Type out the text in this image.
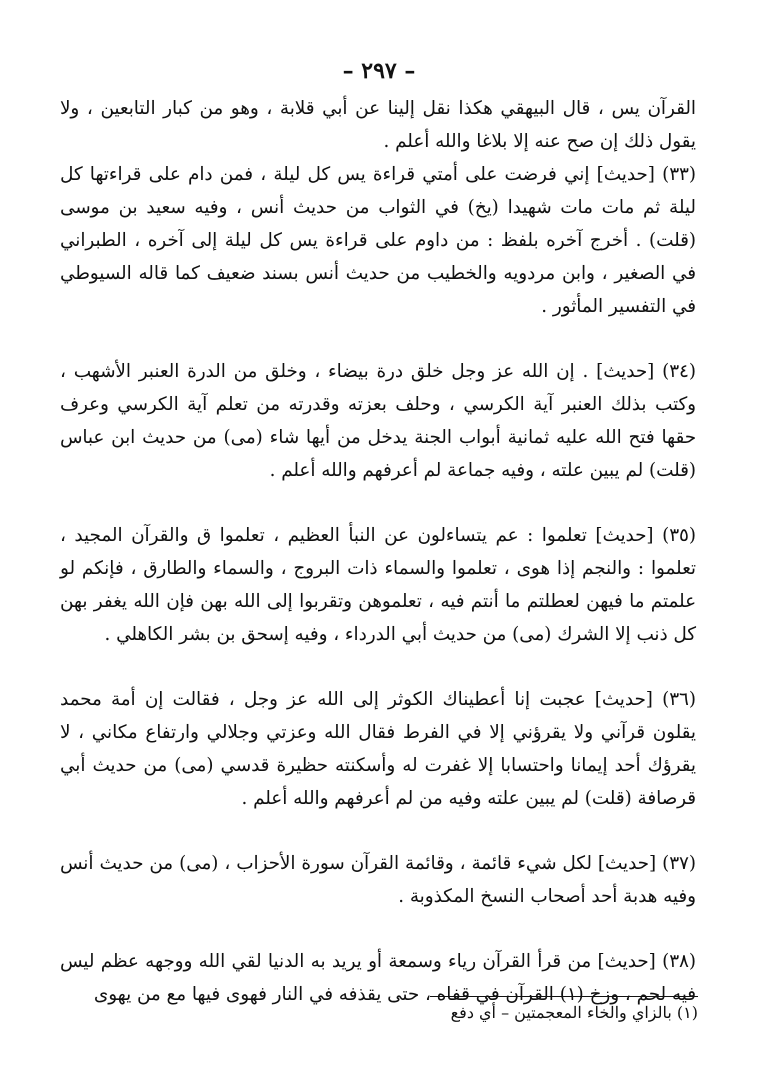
– ٢٩٧ –

القرآن يس ، قال البيهقي هكذا نقل إلينا عن أبي قلابة ، وهو من كبار التابعين ، ولا يقول ذلك إن صح عنه إلا بلاغا والله أعلم .

(٣٣) [حديث] إني فرضت على أمتي قراءة يس كل ليلة ، فمن دام على قراءتها كل ليلة ثم مات مات شهيدا (يخ) في الثواب من حديث أنس ، وفيه سعيد بن موسى (قلت) . أخرج آخره بلفظ : من داوم على قراءة يس كل ليلة إلى آخره ، الطبراني في الصغير ، وابن مردويه والخطيب من حديث أنس بسند ضعيف كما قاله السيوطي في التفسير المأثور .

(٣٤) [حديث] . إن الله عز وجل خلق درة بيضاء ، وخلق من الدرة العنبر الأشهب ، وكتب بذلك العنبر آية الكرسي ، وحلف بعزته وقدرته من تعلم آية الكرسي وعرف حقها فتح الله عليه ثمانية أبواب الجنة يدخل من أيها شاء (مى) من حديث ابن عباس (قلت) لم يبين علته ، وفيه جماعة لم أعرفهم والله أعلم .

(٣٥) [حديث] تعلموا : عم يتساءلون عن النبأ العظيم ، تعلموا ق والقرآن المجيد ، تعلموا : والنجم إذا هوى ، تعلموا والسماء ذات البروج ، والسماء والطارق ، فإنكم لو علمتم ما فيهن لعطلتم ما أنتم فيه ، تعلموهن وتقربوا إلى الله بهن فإن الله يغفر بهن كل ذنب إلا الشرك (مى) من حديث أبي الدرداء ، وفيه إسحق بن بشر الكاهلي .

(٣٦) [حديث] عجبت إنا أعطيناك الكوثر إلى الله عز وجل ، فقالت إن أمة محمد يقلون قرآني ولا يقرؤني إلا في الفرط فقال الله وعزتي وجلالي وارتفاع مكاني ، لا يقرؤك أحد إيمانا واحتسابا إلا غفرت له وأسكنته حظيرة قدسي (مى) من حديث أبي قرصافة (قلت) لم يبين علته وفيه من لم أعرفهم والله أعلم .

(٣٧) [حديث] لكل شيء قائمة ، وقائمة القرآن سورة الأحزاب ، (مى) من حديث أنس وفيه هدبة أحد أصحاب النسخ المكذوبة .

(٣٨) [حديث] من قرأ القرآن رياء وسمعة أو يريد به الدنيا لقي الله ووجهه عظم ليس فيه لحم ، وزخ (١) القرآن في قفاه ، حتى يقذفه في النار فهوى فيها مع من يهوى

(١) بالزاي والخاء المعجمتين – أي دفع
